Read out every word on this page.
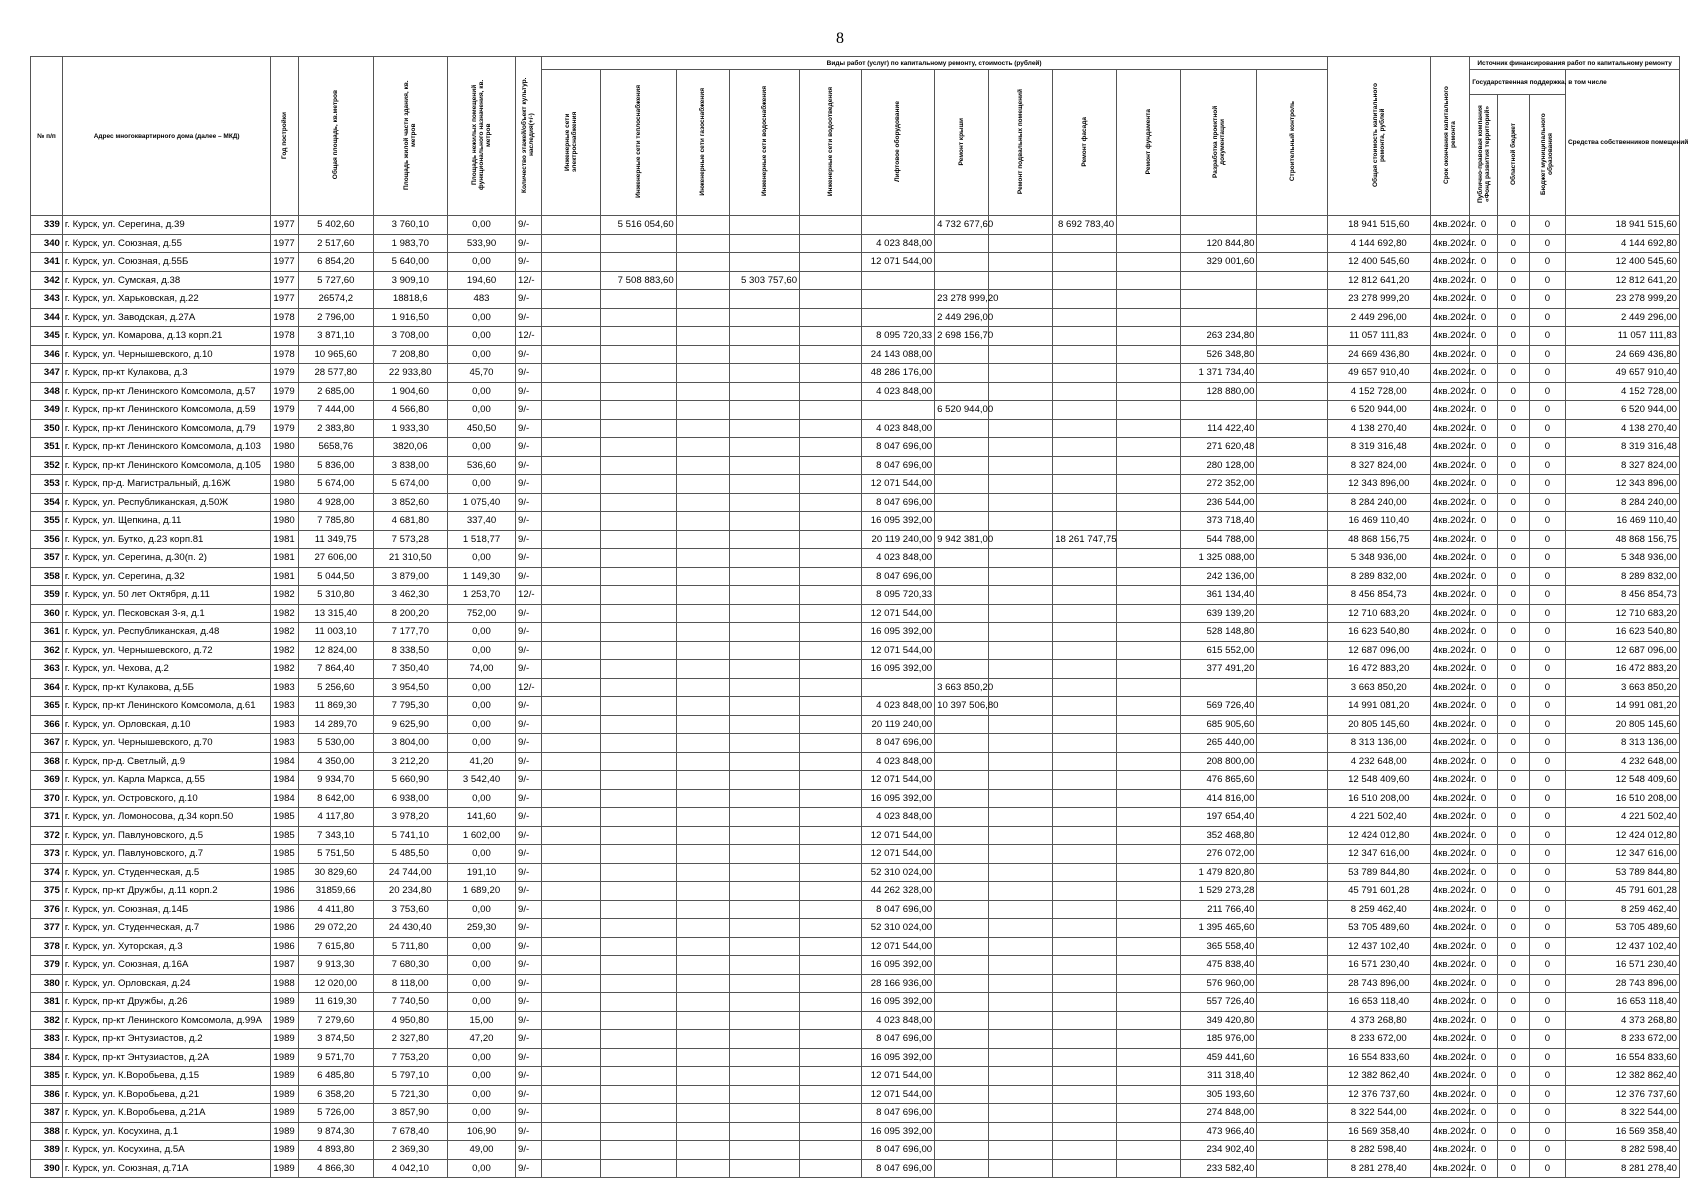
8
№ п/п	Адрес многоквартирного дома (далее – МКД)	Год постройки	Общая площадь, кв.метров	Площадь жилой части здания, кв. метров	Площадь нежилых помещений функционального назначения, кв. метров	Количество этажей/объект культур. наследия(+/-)	Виды работ (услуг) по капитальному ремонту, стоимость (рублей)												Общая стоимость капитального ремонта, рублей	Срок окончания капитального ремонта	Источник финансирования работ по капитальному ремонту			
							Инженерные сети электроснабжения	Инженерные сети теплоснабжения	Инженерные сети газоснабжения	Инженерные сети водоснабжения	Инженерные сети водоотведения	Лифтовое оборудование	Ремонт крыши	Ремонт подвальных помещений	Ремонт фасада	Ремонт фундамента	Разработка проектной документации	Строительный контроль			Государственная поддержка, в том числе			Средства собственников помещений
																					Публично-правовая компания «Фонд развития территорий»	Областной бюджет	Бюджет муниципального образования	
339	г. Курск, ул. Серегина, д.39	1977	5 402,60	3 760,10	0,00	9/-		5 516 054,60					4 732 677,60		8 692 783,40				18 941 515,60	4кв.2024г.	0	0	0	18 941 515,60
340	г. Курск, ул. Союзная, д.55	1977	2 517,60	1 983,70	533,90	9/-						4 023 848,00					120 844,80		4 144 692,80	4кв.2024г.	0	0	0	4 144 692,80
341	г. Курск, ул. Союзная, д.55Б	1977	6 854,20	5 640,00	0,00	9/-						12 071 544,00					329 001,60		12 400 545,60	4кв.2024г.	0	0	0	12 400 545,60
342	г. Курск, ул. Сумская, д.38	1977	5 727,60	3 909,10	194,60	12/-		7 508 883,60		5 303 757,60									12 812 641,20	4кв.2024г.	0	0	0	12 812 641,20
343	г. Курск, ул. Харьковская, д.22	1977	26574,2	18818,6	483	9/-							23 278 999,20						23 278 999,20	4кв.2024г.	0	0	0	23 278 999,20
344	г. Курск, ул. Заводская, д.27А	1978	2 796,00	1 916,50	0,00	9/-							2 449 296,00						2 449 296,00	4кв.2024г.	0	0	0	2 449 296,00
345	г. Курск, ул. Комарова, д.13 корп.21	1978	3 871,10	3 708,00	0,00	12/-						8 095 720,33	2 698 156,70				263 234,80		11 057 111,83	4кв.2024г.	0	0	0	11 057 111,83
346	г. Курск, ул. Чернышевского, д.10	1978	10 965,60	7 208,80	0,00	9/-						24 143 088,00					526 348,80		24 669 436,80	4кв.2024г.	0	0	0	24 669 436,80
347	г. Курск, пр-кт Кулакова, д.3	1979	28 577,80	22 933,80	45,70	9/-						48 286 176,00					1 371 734,40		49 657 910,40	4кв.2024г.	0	0	0	49 657 910,40
348	г. Курск, пр-кт Ленинского Комсомола, д.57	1979	2 685,00	1 904,60	0,00	9/-						4 023 848,00					128 880,00		4 152 728,00	4кв.2024г.	0	0	0	4 152 728,00
349	г. Курск, пр-кт Ленинского Комсомола, д.59	1979	7 444,00	4 566,80	0,00	9/-							6 520 944,00						6 520 944,00	4кв.2024г.	0	0	0	6 520 944,00
350	г. Курск, пр-кт Ленинского Комсомола, д.79	1979	2 383,80	1 933,30	450,50	9/-						4 023 848,00					114 422,40		4 138 270,40	4кв.2024г.	0	0	0	4 138 270,40
351	г. Курск, пр-кт Ленинского Комсомола, д.103	1980	5658,76	3820,06	0,00	9/-						8 047 696,00					271 620,48		8 319 316,48	4кв.2024г.	0	0	0	8 319 316,48
352	г. Курск, пр-кт Ленинского Комсомола, д.105	1980	5 836,00	3 838,00	536,60	9/-						8 047 696,00					280 128,00		8 327 824,00	4кв.2024г.	0	0	0	8 327 824,00
353	г. Курск, пр-д. Магистральный, д.16Ж	1980	5 674,00	5 674,00	0,00	9/-						12 071 544,00					272 352,00		12 343 896,00	4кв.2024г.	0	0	0	12 343 896,00
354	г. Курск, ул. Республиканская, д.50Ж	1980	4 928,00	3 852,60	1 075,40	9/-						8 047 696,00					236 544,00		8 284 240,00	4кв.2024г.	0	0	0	8 284 240,00
355	г. Курск, ул. Щепкина, д.11	1980	7 785,80	4 681,80	337,40	9/-						16 095 392,00					373 718,40		16 469 110,40	4кв.2024г.	0	0	0	16 469 110,40
356	г. Курск, ул. Бутко, д.23 корп.81	1981	11 349,75	7 573,28	1 518,77	9/-						20 119 240,00	9 942 381,00		18 261 747,75		544 788,00		48 868 156,75	4кв.2024г.	0	0	0	48 868 156,75
357	г. Курск, ул. Серегина, д.30(п. 2)	1981	27 606,00	21 310,50	0,00	9/-						4 023 848,00					1 325 088,00		5 348 936,00	4кв.2024г.	0	0	0	5 348 936,00
358	г. Курск, ул. Серегина, д.32	1981	5 044,50	3 879,00	1 149,30	9/-						8 047 696,00					242 136,00		8 289 832,00	4кв.2024г.	0	0	0	8 289 832,00
359	г. Курск, ул. 50 лет Октября, д.11	1982	5 310,80	3 462,30	1 253,70	12/-						8 095 720,33					361 134,40		8 456 854,73	4кв.2024г.	0	0	0	8 456 854,73
360	г. Курск, ул. Песковская 3-я, д.1	1982	13 315,40	8 200,20	752,00	9/-						12 071 544,00					639 139,20		12 710 683,20	4кв.2024г.	0	0	0	12 710 683,20
361	г. Курск, ул. Республиканская, д.48	1982	11 003,10	7 177,70	0,00	9/-						16 095 392,00					528 148,80		16 623 540,80	4кв.2024г.	0	0	0	16 623 540,80
362	г. Курск, ул. Чернышевского, д.72	1982	12 824,00	8 338,50	0,00	9/-						12 071 544,00					615 552,00		12 687 096,00	4кв.2024г.	0	0	0	12 687 096,00
363	г. Курск, ул. Чехова, д.2	1982	7 864,40	7 350,40	74,00	9/-						16 095 392,00					377 491,20		16 472 883,20	4кв.2024г.	0	0	0	16 472 883,20
364	г. Курск, пр-кт Кулакова, д.5Б	1983	5 256,60	3 954,50	0,00	12/-							3 663 850,20						3 663 850,20	4кв.2024г.	0	0	0	3 663 850,20
365	г. Курск, пр-кт Ленинского Комсомола, д.61	1983	11 869,30	7 795,30	0,00	9/-						4 023 848,00	10 397 506,80				569 726,40		14 991 081,20	4кв.2024г.	0	0	0	14 991 081,20
366	г. Курск, ул. Орловская, д.10	1983	14 289,70	9 625,90	0,00	9/-						20 119 240,00					685 905,60		20 805 145,60	4кв.2024г.	0	0	0	20 805 145,60
367	г. Курск, ул. Чернышевского, д.70	1983	5 530,00	3 804,00	0,00	9/-						8 047 696,00					265 440,00		8 313 136,00	4кв.2024г.	0	0	0	8 313 136,00
368	г. Курск, пр-д. Светлый, д.9	1984	4 350,00	3 212,20	41,20	9/-						4 023 848,00					208 800,00		4 232 648,00	4кв.2024г.	0	0	0	4 232 648,00
369	г. Курск, ул. Карла Маркса, д.55	1984	9 934,70	5 660,90	3 542,40	9/-						12 071 544,00					476 865,60		12 548 409,60	4кв.2024г.	0	0	0	12 548 409,60
370	г. Курск, ул. Островского, д.10	1984	8 642,00	6 938,00	0,00	9/-						16 095 392,00					414 816,00		16 510 208,00	4кв.2024г.	0	0	0	16 510 208,00
371	г. Курск, ул. Ломоносова, д.34 корп.50	1985	4 117,80	3 978,20	141,60	9/-						4 023 848,00					197 654,40		4 221 502,40	4кв.2024г.	0	0	0	4 221 502,40
372	г. Курск, ул. Павлуновского, д.5	1985	7 343,10	5 741,10	1 602,00	9/-						12 071 544,00					352 468,80		12 424 012,80	4кв.2024г.	0	0	0	12 424 012,80
373	г. Курск, ул. Павлуновского, д.7	1985	5 751,50	5 485,50	0,00	9/-						12 071 544,00					276 072,00		12 347 616,00	4кв.2024г.	0	0	0	12 347 616,00
374	г. Курск, ул. Студенческая, д.5	1985	30 829,60	24 744,00	191,10	9/-						52 310 024,00					1 479 820,80		53 789 844,80	4кв.2024г.	0	0	0	53 789 844,80
375	г. Курск, пр-кт Дружбы, д.11 корп.2	1986	31859,66	20 234,80	1 689,20	9/-						44 262 328,00					1 529 273,28		45 791 601,28	4кв.2024г.	0	0	0	45 791 601,28
376	г. Курск, ул. Союзная, д.14Б	1986	4 411,80	3 753,60	0,00	9/-						8 047 696,00					211 766,40		8 259 462,40	4кв.2024г.	0	0	0	8 259 462,40
377	г. Курск, ул. Студенческая, д.7	1986	29 072,20	24 430,40	259,30	9/-						52 310 024,00					1 395 465,60		53 705 489,60	4кв.2024г.	0	0	0	53 705 489,60
378	г. Курск, ул. Хуторская, д.3	1986	7 615,80	5 711,80	0,00	9/-						12 071 544,00					365 558,40		12 437 102,40	4кв.2024г.	0	0	0	12 437 102,40
379	г. Курск, ул. Союзная, д.16А	1987	9 913,30	7 680,30	0,00	9/-						16 095 392,00					475 838,40		16 571 230,40	4кв.2024г.	0	0	0	16 571 230,40
380	г. Курск, ул. Орловская, д.24	1988	12 020,00	8 118,00	0,00	9/-						28 166 936,00					576 960,00		28 743 896,00	4кв.2024г.	0	0	0	28 743 896,00
381	г. Курск, пр-кт Дружбы, д.26	1989	11 619,30	7 740,50	0,00	9/-						16 095 392,00					557 726,40		16 653 118,40	4кв.2024г.	0	0	0	16 653 118,40
382	г. Курск, пр-кт Ленинского Комсомола, д.99А	1989	7 279,60	4 950,80	15,00	9/-						4 023 848,00					349 420,80		4 373 268,80	4кв.2024г.	0	0	0	4 373 268,80
383	г. Курск, пр-кт Энтузиастов, д.2	1989	3 874,50	2 327,80	47,20	9/-						8 047 696,00					185 976,00		8 233 672,00	4кв.2024г.	0	0	0	8 233 672,00
384	г. Курск, пр-кт Энтузиастов, д.2А	1989	9 571,70	7 753,20	0,00	9/-						16 095 392,00					459 441,60		16 554 833,60	4кв.2024г.	0	0	0	16 554 833,60
385	г. Курск, ул. К.Воробьева, д.15	1989	6 485,80	5 797,10	0,00	9/-						12 071 544,00					311 318,40		12 382 862,40	4кв.2024г.	0	0	0	12 382 862,40
386	г. Курск, ул. К.Воробьева, д.21	1989	6 358,20	5 721,30	0,00	9/-						12 071 544,00					305 193,60		12 376 737,60	4кв.2024г.	0	0	0	12 376 737,60
387	г. Курск, ул. К.Воробьева, д.21А	1989	5 726,00	3 857,90	0,00	9/-						8 047 696,00					274 848,00		8 322 544,00	4кв.2024г.	0	0	0	8 322 544,00
388	г. Курск, ул. Косухина, д.1	1989	9 874,30	7 678,40	106,90	9/-						16 095 392,00					473 966,40		16 569 358,40	4кв.2024г.	0	0	0	16 569 358,40
389	г. Курск, ул. Косухина, д.5А	1989	4 893,80	2 369,30	49,00	9/-						8 047 696,00					234 902,40		8 282 598,40	4кв.2024г.	0	0	0	8 282 598,40
390	г. Курск, ул. Союзная, д.71А	1989	4 866,30	4 042,10	0,00	9/-						8 047 696,00					233 582,40		8 281 278,40	4кв.2024г.	0	0	0	8 281 278,40
